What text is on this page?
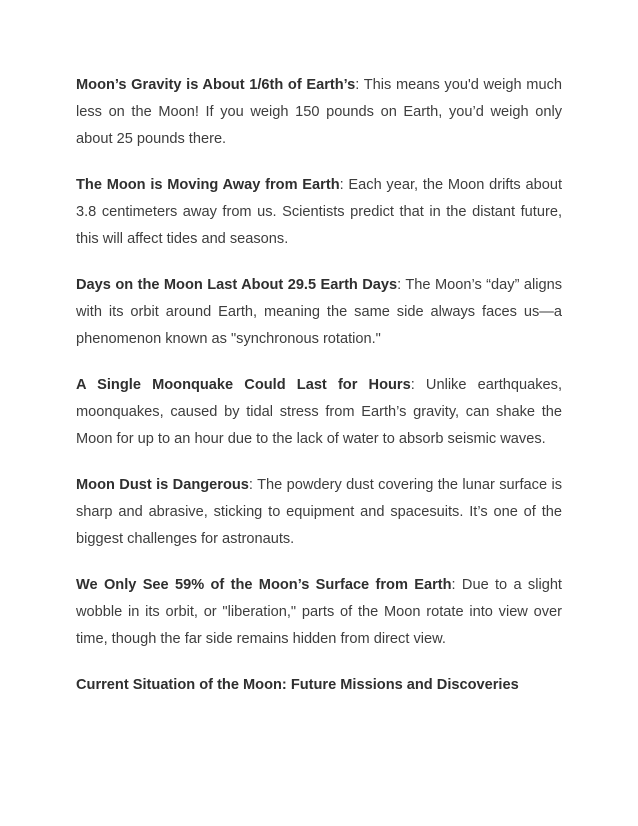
Moon’s Gravity is About 1/6th of Earth’s: This means you'd weigh much less on the Moon! If you weigh 150 pounds on Earth, you’d weigh only about 25 pounds there.

The Moon is Moving Away from Earth: Each year, the Moon drifts about 3.8 centimeters away from us. Scientists predict that in the distant future, this will affect tides and seasons.

Days on the Moon Last About 29.5 Earth Days: The Moon’s “day” aligns with its orbit around Earth, meaning the same side always faces us—a phenomenon known as "synchronous rotation."

A Single Moonquake Could Last for Hours: Unlike earthquakes, moonquakes, caused by tidal stress from Earth’s gravity, can shake the Moon for up to an hour due to the lack of water to absorb seismic waves.

Moon Dust is Dangerous: The powdery dust covering the lunar surface is sharp and abrasive, sticking to equipment and spacesuits. It’s one of the biggest challenges for astronauts.

We Only See 59% of the Moon’s Surface from Earth: Due to a slight wobble in its orbit, or "liberation," parts of the Moon rotate into view over time, though the far side remains hidden from direct view.

Current Situation of the Moon: Future Missions and Discoveries
